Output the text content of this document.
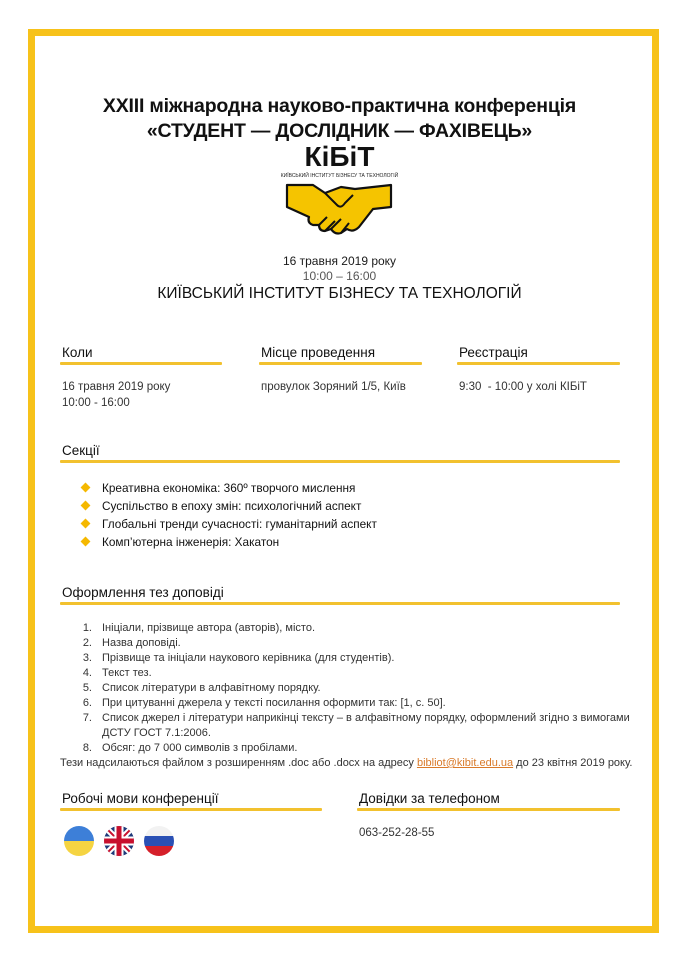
XXIII міжнародна науково-практична конференція
«СТУДЕНТ — ДОСЛІДНИК — ФАХІВЕЦЬ»
КіБіТ
КИЇВСЬКИЙ ІНСТИТУТ БІЗНЕСУ ТА ТЕХНОЛОГІЙ
16 травня 2019 року
10:00 – 16:00
КИЇВСЬКИЙ ІНСТИТУТ БІЗНЕСУ ТА ТЕХНОЛОГІЙ
Коли
16 травня 2019 року
10:00 - 16:00
Місце проведення
провулок Зоряний 1/5, Київ
Реєстрація
9:30  - 10:00 у холі КІБіТ
Секції
Креативна економіка: 360º творчого мислення
Суспільство в епоху змін: психологічний аспект
Глобальні тренди сучасності: гуманітарний аспект
Комп’ютерна інженерія: Хакатон
Оформлення тез доповіді
1. Ініціали, прізвище автора (авторів), місто.
2. Назва доповіді.
3. Прізвище та ініціали наукового керівника (для студентів).
4. Текст тез.
5. Список літератури в алфавітному порядку.
6. При цитуванні джерела у тексті посилання оформити так: [1, с. 50].
7. Список джерел і літератури наприкінці тексту – в алфавітному порядку, оформлений згідно з вимогами
ДСТУ ГОСТ 7.1:2006.
8. Обсяг: до 7 000 символів з пробілами.
Тези надсилаються файлом з розширенням .doc або .docx на адресу bibliot@kibit.edu.ua до 23 квітня 2019 року.
Робочі мови конференції	Довідки за телефоном
063-252-28-55
